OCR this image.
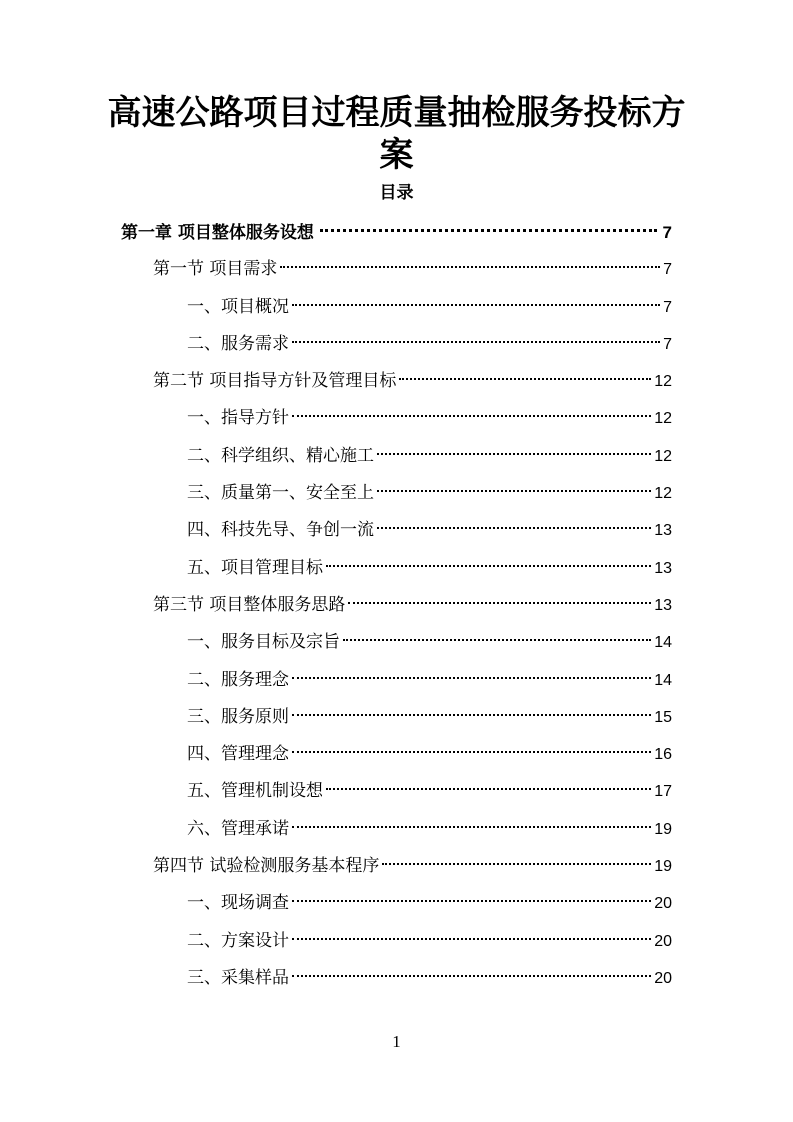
高速公路项目过程质量抽检服务投标方案
目录
第一章 项目整体服务设想	7
第一节 项目需求	7
一、项目概况	7
二、服务需求	7
第二节 项目指导方针及管理目标	12
一、指导方针	12
二、科学组织、精心施工	12
三、质量第一、安全至上	12
四、科技先导、争创一流	13
五、项目管理目标	13
第三节 项目整体服务思路	13
一、服务目标及宗旨	14
二、服务理念	14
三、服务原则	15
四、管理理念	16
五、管理机制设想	17
六、管理承诺	19
第四节 试验检测服务基本程序	19
一、现场调查	20
二、方案设计	20
三、采集样品	20

1
